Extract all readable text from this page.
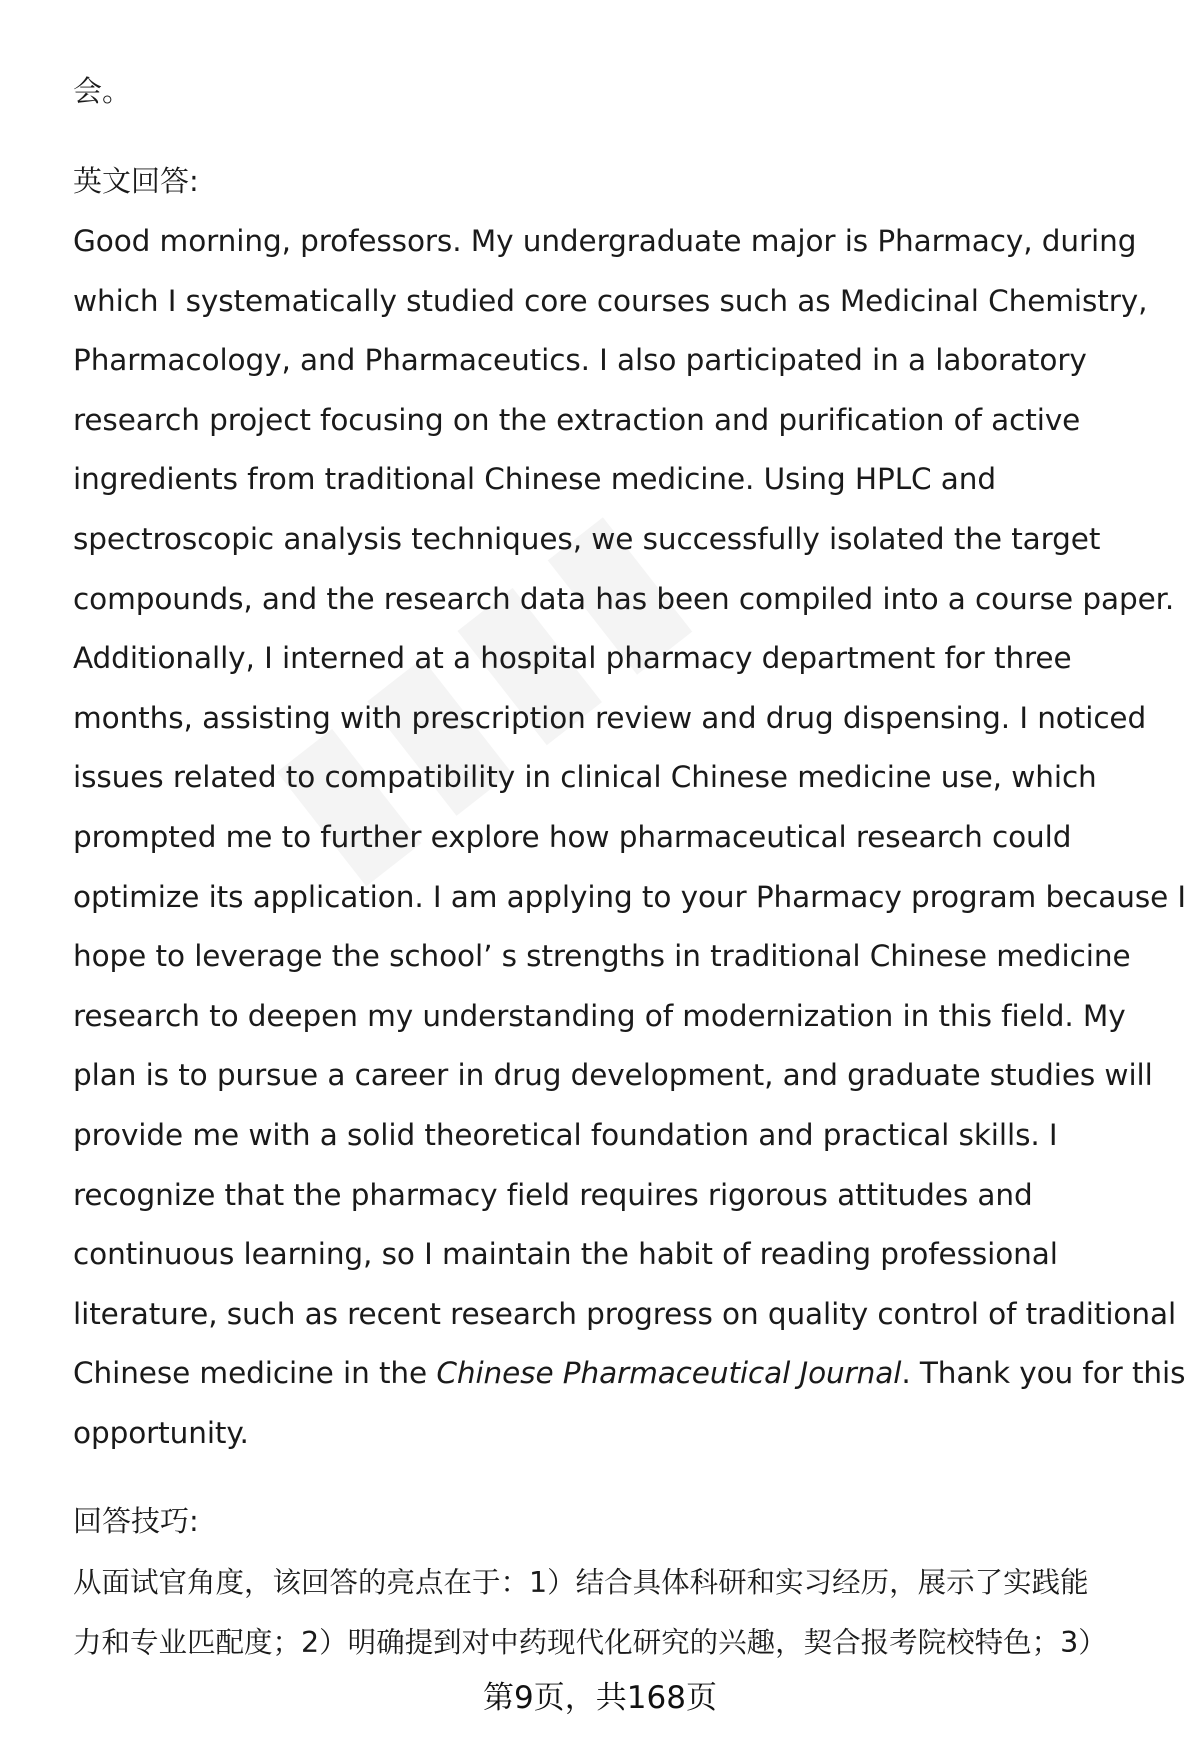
会。
英文回答:
Good morning, professors. My undergraduate major is Pharmacy, during
which I systematically studied core courses such as Medicinal Chemistry,
Pharmacology, and Pharmaceutics. I also participated in a laboratory
research project focusing on the extraction and purification of active
ingredients from traditional Chinese medicine. Using HPLC and
spectroscopic analysis techniques, we successfully isolated the target
compounds, and the research data has been compiled into a course paper.
Additionally, I interned at a hospital pharmacy department for three
months, assisting with prescription review and drug dispensing. I noticed
issues related to compatibility in clinical Chinese medicine use, which
prompted me to further explore how pharmaceutical research could
optimize its application. I am applying to your Pharmacy program because I
hope to leverage the school’ s strengths in traditional Chinese medicine
research to deepen my understanding of modernization in this field. My
plan is to pursue a career in drug development, and graduate studies will
provide me with a solid theoretical foundation and practical skills. I
recognize that the pharmacy field requires rigorous attitudes and
continuous learning, so I maintain the habit of reading professional
literature, such as recent research progress on quality control of traditional
Chinese medicine in the Chinese Pharmaceutical Journal. Thank you for this
opportunity.
回答技巧:
从面试官角度，该回答的亮点在于：1）结合具体科研和实习经历，展示了实践能
力和专业匹配度；2）明确提到对中药现代化研究的兴趣，契合报考院校特色；3）
第9页，共168页
